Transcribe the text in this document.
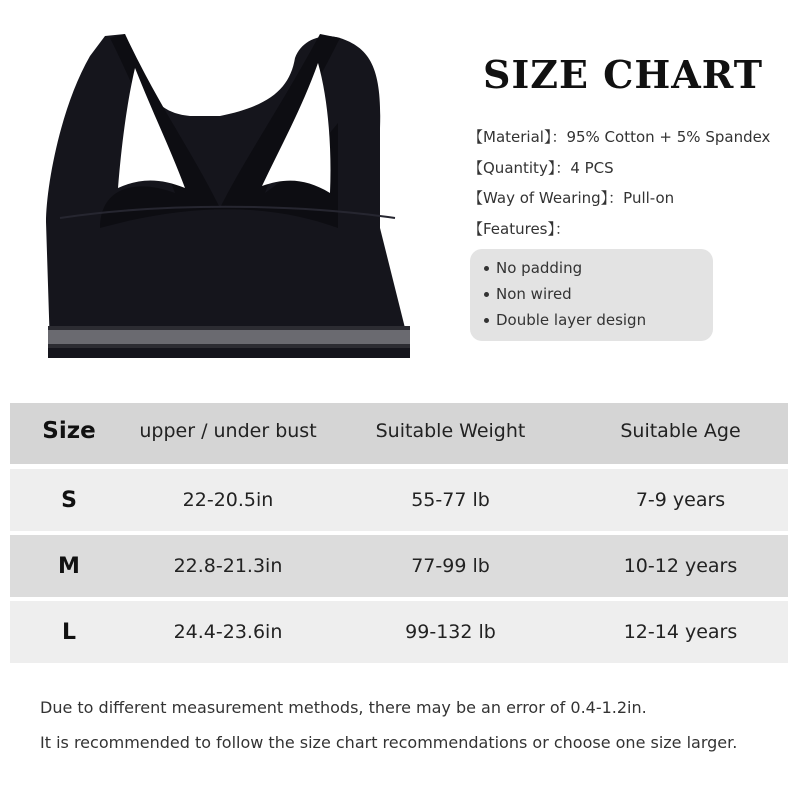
SIZE CHART
【Material】：95% Cotton + 5% Spandex
【Quantity】：4 PCS
【Way of Wearing】：Pull-on
【Features】：
No padding
Non wired
Double layer design
Size	upper / under bust	Suitable Weight	Suitable Age
S	22-20.5in	55-77 lb	7-9 years
M	22.8-21.3in	77-99 lb	10-12 years
L	24.4-23.6in	99-132 lb	12-14 years
Due to different measurement methods, there may be an error of 0.4-1.2in.
It is recommended to follow the size chart recommendations or choose one size larger.
